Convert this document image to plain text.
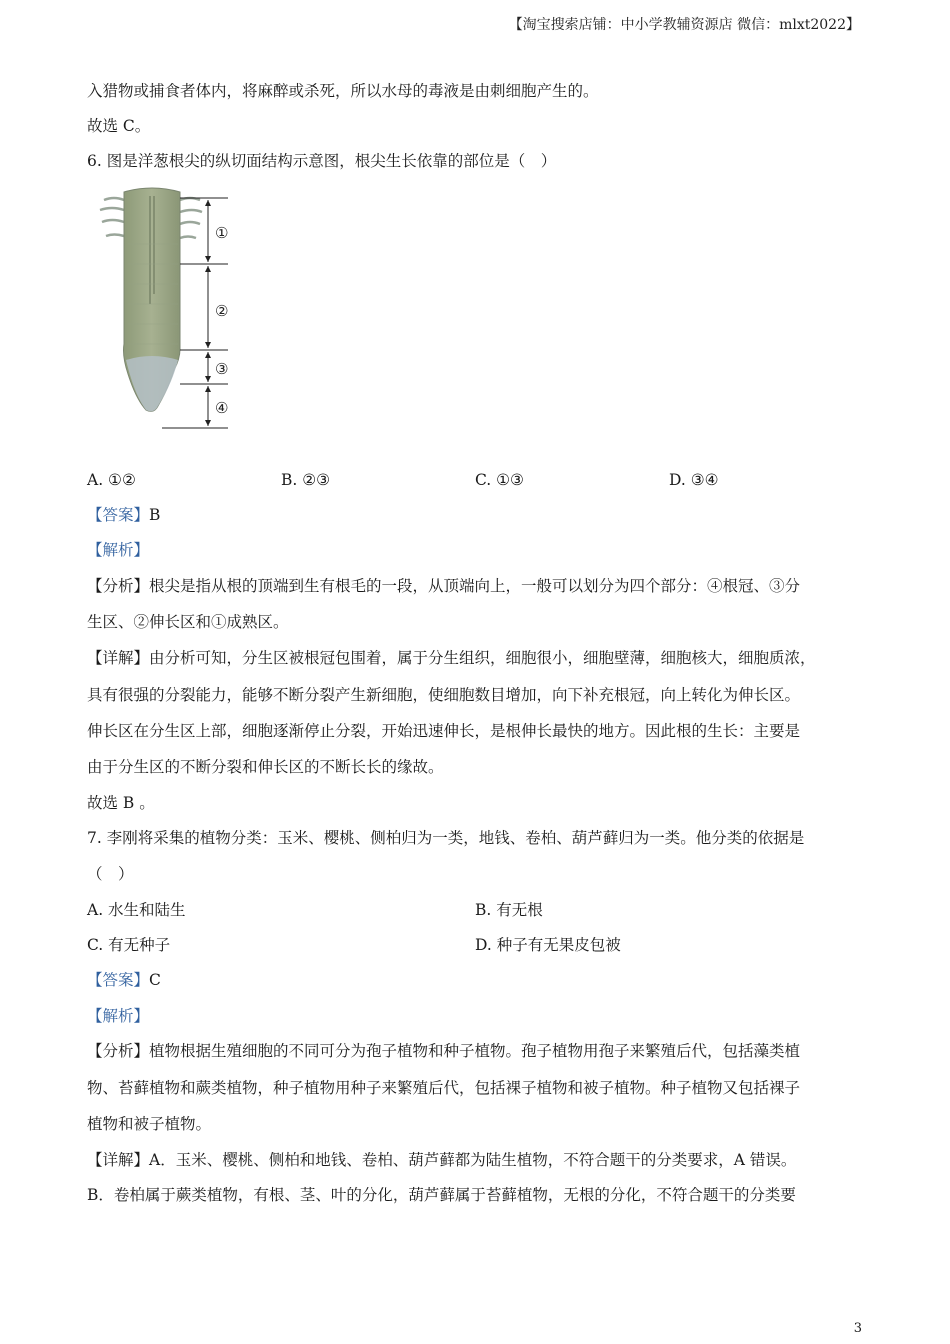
【淘宝搜索店铺：中小学教辅资源店 微信：mlxt2022】
入猎物或捕食者体内，将麻醉或杀死，所以水母的毒液是由刺细胞产生的。
故选 C。
6. 图是洋葱根尖的纵切面结构示意图，根尖生长依靠的部位是（　）
①
②
③
④
A. ①②	B. ②③	C. ①③	D. ③④
【答案】B
【解析】
【分析】根尖是指从根的顶端到生有根毛的一段，从顶端向上，一般可以划分为四个部分：④根冠、③分
生区、②伸长区和①成熟区。
【详解】由分析可知，分生区被根冠包围着，属于分生组织，细胞很小，细胞壁薄，细胞核大，细胞质浓，
具有很强的分裂能力，能够不断分裂产生新细胞，使细胞数目增加，向下补充根冠，向上转化为伸长区。
伸长区在分生区上部，细胞逐渐停止分裂，开始迅速伸长，是根伸长最快的地方。因此根的生长：主要是
由于分生区的不断分裂和伸长区的不断长长的缘故。
故选 B 。
7. 李刚将采集的植物分类：玉米、樱桃、侧柏归为一类，地钱、卷柏、葫芦藓归为一类。他分类的依据是
（　）
A. 水生和陆生	B. 有无根
C. 有无种子	D. 种子有无果皮包被
【答案】C
【解析】
【分析】植物根据生殖细胞的不同可分为孢子植物和种子植物。孢子植物用孢子来繁殖后代，包括藻类植
物、苔藓植物和蕨类植物，种子植物用种子来繁殖后代，包括裸子植物和被子植物。种子植物又包括裸子
植物和被子植物。
【详解】A．玉米、樱桃、侧柏和地钱、卷柏、葫芦藓都为陆生植物，不符合题干的分类要求，A 错误。
B．卷柏属于蕨类植物，有根、茎、叶的分化，葫芦藓属于苔藓植物，无根的分化，不符合题干的分类要
3
